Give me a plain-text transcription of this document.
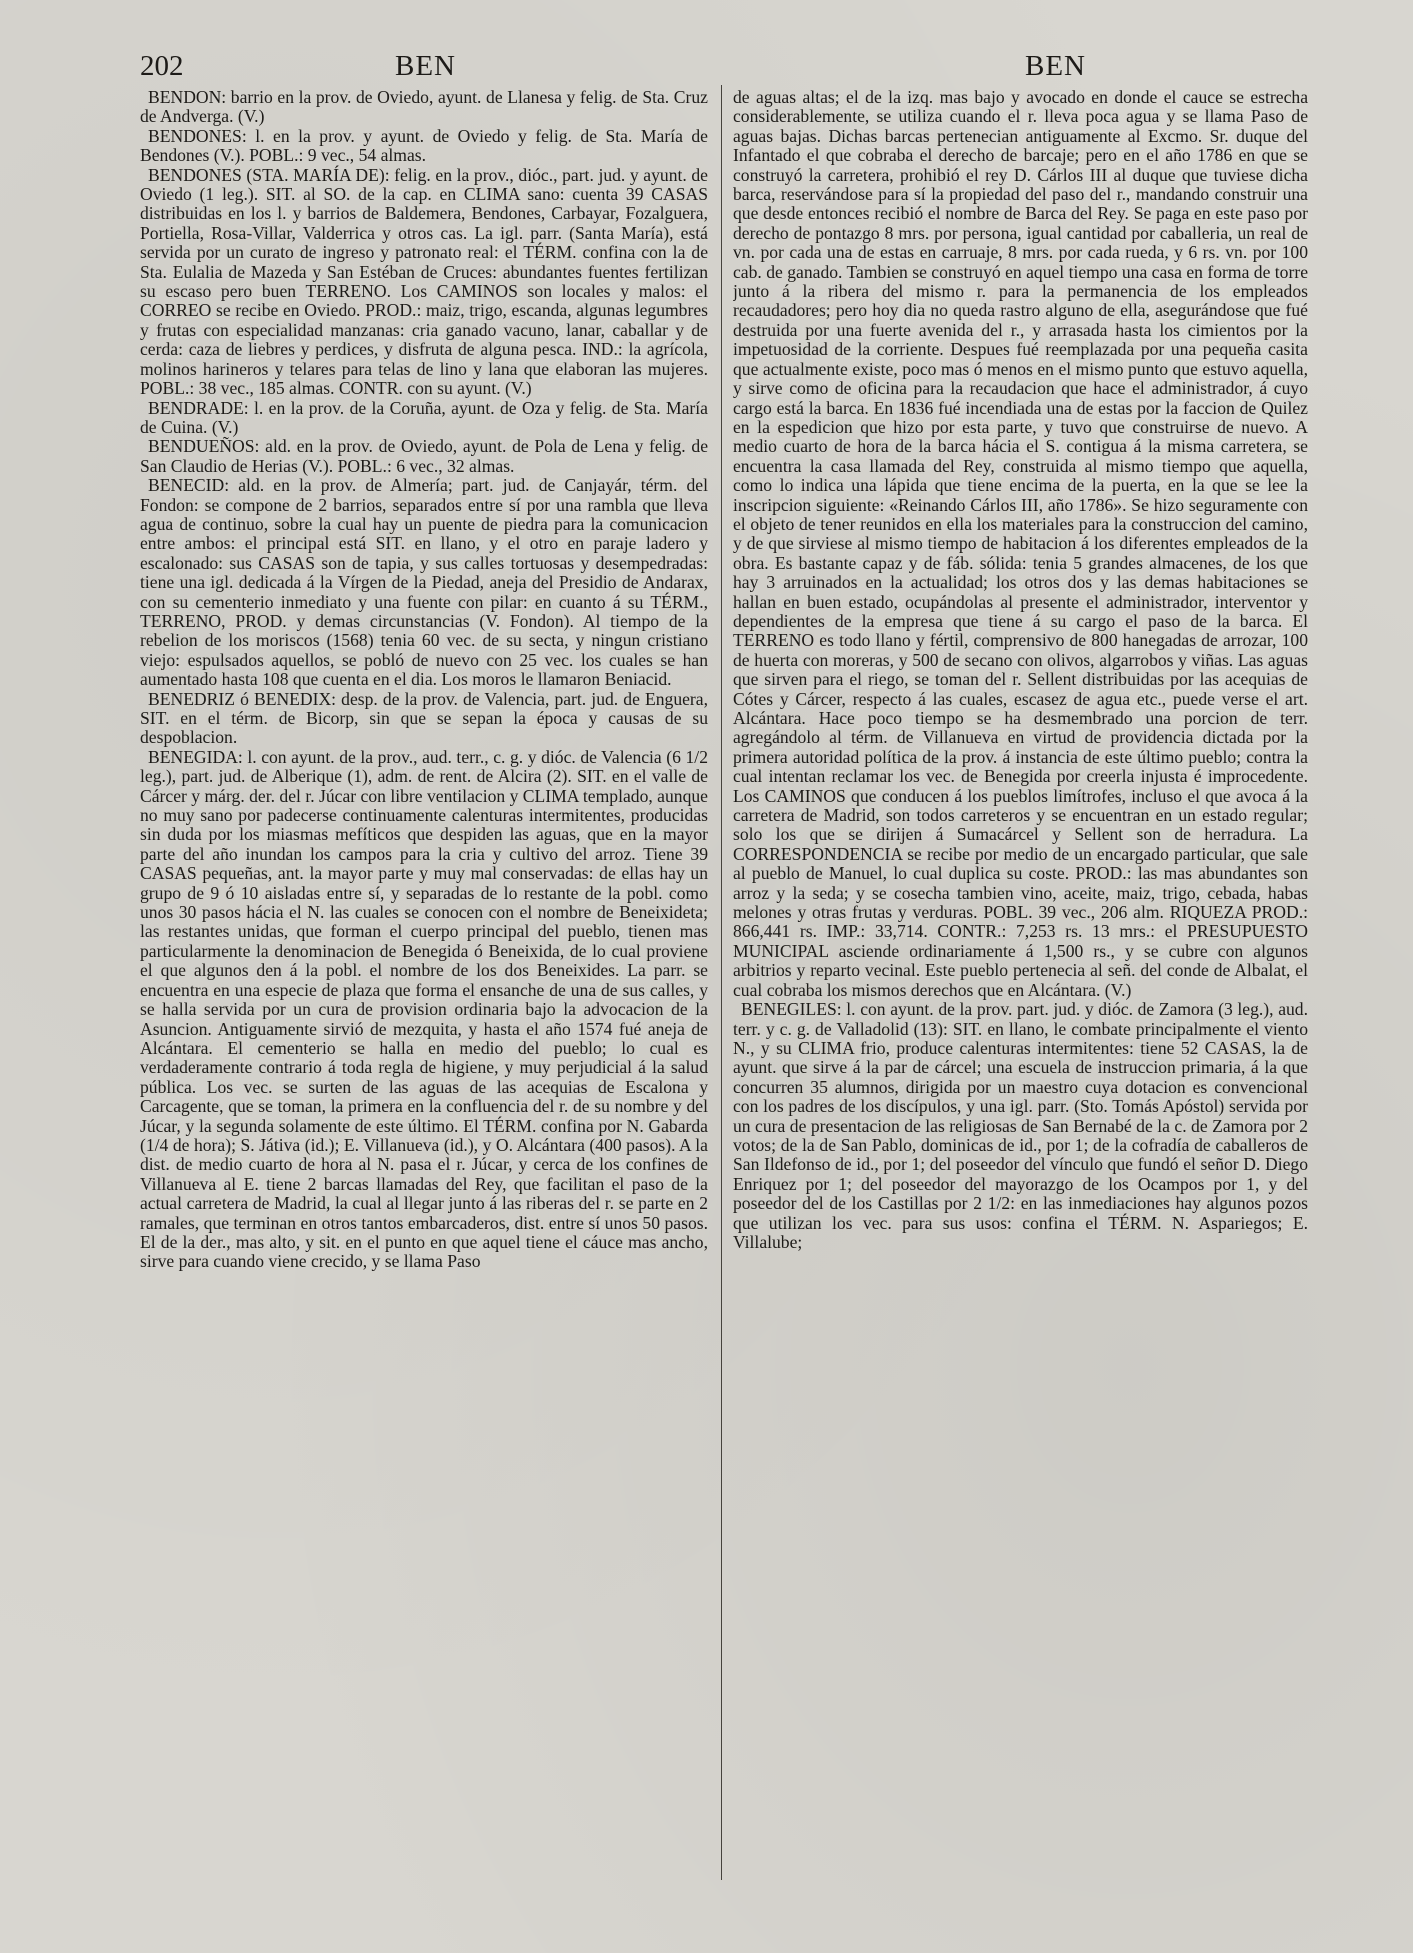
202	BEN	BEN

BENDON: barrio en la prov. de Oviedo, ayunt. de Llanesa y felig. de Sta. Cruz de Andverga. (V.)

BENDONES: l. en la prov. y ayunt. de Oviedo y felig. de Sta. María de Bendones (V.). POBL.: 9 vec., 54 almas.

BENDONES (STA. MARÍA DE): felig. en la prov., dióc., part. jud. y ayunt. de Oviedo (1 leg.). SIT. al SO. de la cap. en CLIMA sano: cuenta 39 CASAS distribuidas en los l. y barrios de Baldemera, Bendones, Carbayar, Fozalguera, Portiella, Rosa-Villar, Valderrica y otros cas. La igl. parr. (Santa María), está servida por un curato de ingreso y patronato real: el TÉRM. confina con la de Sta. Eulalia de Mazeda y San Estéban de Cruces: abundantes fuentes fertilizan su escaso pero buen TERRENO. Los CAMINOS son locales y malos: el CORREO se recibe en Oviedo. PROD.: maiz, trigo, escanda, algunas legumbres y frutas con especialidad manzanas: cria ganado vacuno, lanar, caballar y de cerda: caza de liebres y perdices, y disfruta de alguna pesca. IND.: la agrícola, molinos harineros y telares para telas de lino y lana que elaboran las mujeres. POBL.: 38 vec., 185 almas. CONTR. con su ayunt. (V.)

BENDRADE: l. en la prov. de la Coruña, ayunt. de Oza y felig. de Sta. María de Cuina. (V.)

BENDUEÑOS: ald. en la prov. de Oviedo, ayunt. de Pola de Lena y felig. de San Claudio de Herias (V.). POBL.: 6 vec., 32 almas.

BENECID: ald. en la prov. de Almería; part. jud. de Canjayár, térm. del Fondon: se compone de 2 barrios, separados entre sí por una rambla que lleva agua de continuo, sobre la cual hay un puente de piedra para la comunicacion entre ambos: el principal está SIT. en llano, y el otro en paraje ladero y escalonado: sus CASAS son de tapia, y sus calles tortuosas y desempedradas: tiene una igl. dedicada á la Vírgen de la Piedad, aneja del Presidio de Andarax, con su cementerio inmediato y una fuente con pilar: en cuanto á su TÉRM., TERRENO, PROD. y demas circunstancias (V. Fondon). Al tiempo de la rebelion de los moriscos (1568) tenia 60 vec. de su secta, y ningun cristiano viejo: espulsados aquellos, se pobló de nuevo con 25 vec. los cuales se han aumentado hasta 108 que cuenta en el dia. Los moros le llamaron Beniacid.

BENEDRIZ ó BENEDIX: desp. de la prov. de Valencia, part. jud. de Enguera, SIT. en el térm. de Bicorp, sin que se sepan la época y causas de su despoblacion.

BENEGIDA: l. con ayunt. de la prov., aud. terr., c. g. y dióc. de Valencia (6 1/2 leg.), part. jud. de Alberique (1), adm. de rent. de Alcira (2). SIT. en el valle de Cárcer y márg. der. del r. Júcar con libre ventilacion y CLIMA templado, aunque no muy sano por padecerse continuamente calenturas intermitentes, producidas sin duda por los miasmas mefíticos que despiden las aguas, que en la mayor parte del año inundan los campos para la cria y cultivo del arroz. Tiene 39 CASAS pequeñas, ant. la mayor parte y muy mal conservadas: de ellas hay un grupo de 9 ó 10 aisladas entre sí, y separadas de lo restante de la pobl. como unos 30 pasos hácia el N. las cuales se conocen con el nombre de Beneixideta; las restantes unidas, que forman el cuerpo principal del pueblo, tienen mas particularmente la denominacion de Benegida ó Beneixida, de lo cual proviene el que algunos den á la pobl. el nombre de los dos Beneixides. La parr. se encuentra en una especie de plaza que forma el ensanche de una de sus calles, y se halla servida por un cura de provision ordinaria bajo la advocacion de la Asuncion. Antiguamente sirvió de mezquita, y hasta el año 1574 fué aneja de Alcántara. El cementerio se halla en medio del pueblo; lo cual es verdaderamente contrario á toda regla de higiene, y muy perjudicial á la salud pública. Los vec. se surten de las aguas de las acequias de Escalona y Carcagente, que se toman, la primera en la confluencia del r. de su nombre y del Júcar, y la segunda solamente de este último. El TÉRM. confina por N. Gabarda (1/4 de hora); S. Játiva (id.); E. Villanueva (id.), y O. Alcántara (400 pasos). A la dist. de medio cuarto de hora al N. pasa el r. Júcar, y cerca de los confines de Villanueva al E. tiene 2 barcas llamadas del Rey, que facilitan el paso de la actual carretera de Madrid, la cual al llegar junto á las riberas del r. se parte en 2 ramales, que terminan en otros tantos embarcaderos, dist. entre sí unos 50 pasos. El de la der., mas alto, y sit. en el punto en que aquel tiene el cáuce mas ancho, sirve para cuando viene crecido, y se llama Paso

de aguas altas; el de la izq. mas bajo y avocado en donde el cauce se estrecha considerablemente, se utiliza cuando el r. lleva poca agua y se llama Paso de aguas bajas. Dichas barcas pertenecian antiguamente al Excmo. Sr. duque del Infantado el que cobraba el derecho de barcaje; pero en el año 1786 en que se construyó la carretera, prohibió el rey D. Cárlos III al duque que tuviese dicha barca, reservándose para sí la propiedad del paso del r., mandando construir una que desde entonces recibió el nombre de Barca del Rey. Se paga en este paso por derecho de pontazgo 8 mrs. por persona, igual cantidad por caballeria, un real de vn. por cada una de estas en carruaje, 8 mrs. por cada rueda, y 6 rs. vn. por 100 cab. de ganado. Tambien se construyó en aquel tiempo una casa en forma de torre junto á la ribera del mismo r. para la permanencia de los empleados recaudadores; pero hoy dia no queda rastro alguno de ella, asegurándose que fué destruida por una fuerte avenida del r., y arrasada hasta los cimientos por la impetuosidad de la corriente. Despues fué reemplazada por una pequeña casita que actualmente existe, poco mas ó menos en el mismo punto que estuvo aquella, y sirve como de oficina para la recaudacion que hace el administrador, á cuyo cargo está la barca. En 1836 fué incendiada una de estas por la faccion de Quilez en la espedicion que hizo por esta parte, y tuvo que construirse de nuevo. A medio cuarto de hora de la barca hácia el S. contigua á la misma carretera, se encuentra la casa llamada del Rey, construida al mismo tiempo que aquella, como lo indica una lápida que tiene encima de la puerta, en la que se lee la inscripcion siguiente: «Reinando Cárlos III, año 1786». Se hizo seguramente con el objeto de tener reunidos en ella los materiales para la construccion del camino, y de que sirviese al mismo tiempo de habitacion á los diferentes empleados de la obra. Es bastante capaz y de fáb. sólida: tenia 5 grandes almacenes, de los que hay 3 arruinados en la actualidad; los otros dos y las demas habitaciones se hallan en buen estado, ocupándolas al presente el administrador, interventor y dependientes de la empresa que tiene á su cargo el paso de la barca. El TERRENO es todo llano y fértil, comprensivo de 800 hanegadas de arrozar, 100 de huerta con moreras, y 500 de secano con olivos, algarrobos y viñas. Las aguas que sirven para el riego, se toman del r. Sellent distribuidas por las acequias de Cótes y Cárcer, respecto á las cuales, escasez de agua etc., puede verse el art. Alcántara. Hace poco tiempo se ha desmembrado una porcion de terr. agregándolo al térm. de Villanueva en virtud de providencia dictada por la primera autoridad política de la prov. á instancia de este último pueblo; contra la cual intentan reclamar los vec. de Benegida por creerla injusta é improcedente. Los CAMINOS que conducen á los pueblos limítrofes, incluso el que avoca á la carretera de Madrid, son todos carreteros y se encuentran en un estado regular; solo los que se dirijen á Sumacárcel y Sellent son de herradura. La CORRESPONDENCIA se recibe por medio de un encargado particular, que sale al pueblo de Manuel, lo cual duplica su coste. PROD.: las mas abundantes son arroz y la seda; y se cosecha tambien vino, aceite, maiz, trigo, cebada, habas melones y otras frutas y verduras. POBL. 39 vec., 206 alm. RIQUEZA PROD.: 866,441 rs. IMP.: 33,714. CONTR.: 7,253 rs. 13 mrs.: el PRESUPUESTO MUNICIPAL asciende ordinariamente á 1,500 rs., y se cubre con algunos arbitrios y reparto vecinal. Este pueblo pertenecia al señ. del conde de Albalat, el cual cobraba los mismos derechos que en Alcántara. (V.)

BENEGILES: l. con ayunt. de la prov. part. jud. y dióc. de Zamora (3 leg.), aud. terr. y c. g. de Valladolid (13): SIT. en llano, le combate principalmente el viento N., y su CLIMA frio, produce calenturas intermitentes: tiene 52 CASAS, la de ayunt. que sirve á la par de cárcel; una escuela de instruccion primaria, á la que concurren 35 alumnos, dirigida por un maestro cuya dotacion es convencional con los padres de los discípulos, y una igl. parr. (Sto. Tomás Apóstol) servida por un cura de presentacion de las religiosas de San Bernabé de la c. de Zamora por 2 votos; de la de San Pablo, dominicas de id., por 1; de la cofradía de caballeros de San Ildefonso de id., por 1; del poseedor del vínculo que fundó el señor D. Diego Enriquez por 1; del poseedor del mayorazgo de los Ocampos por 1, y del poseedor del de los Castillas por 2 1/2: en las inmediaciones hay algunos pozos que utilizan los vec. para sus usos: confina el TÉRM. N. Aspariegos; E. Villalube;
